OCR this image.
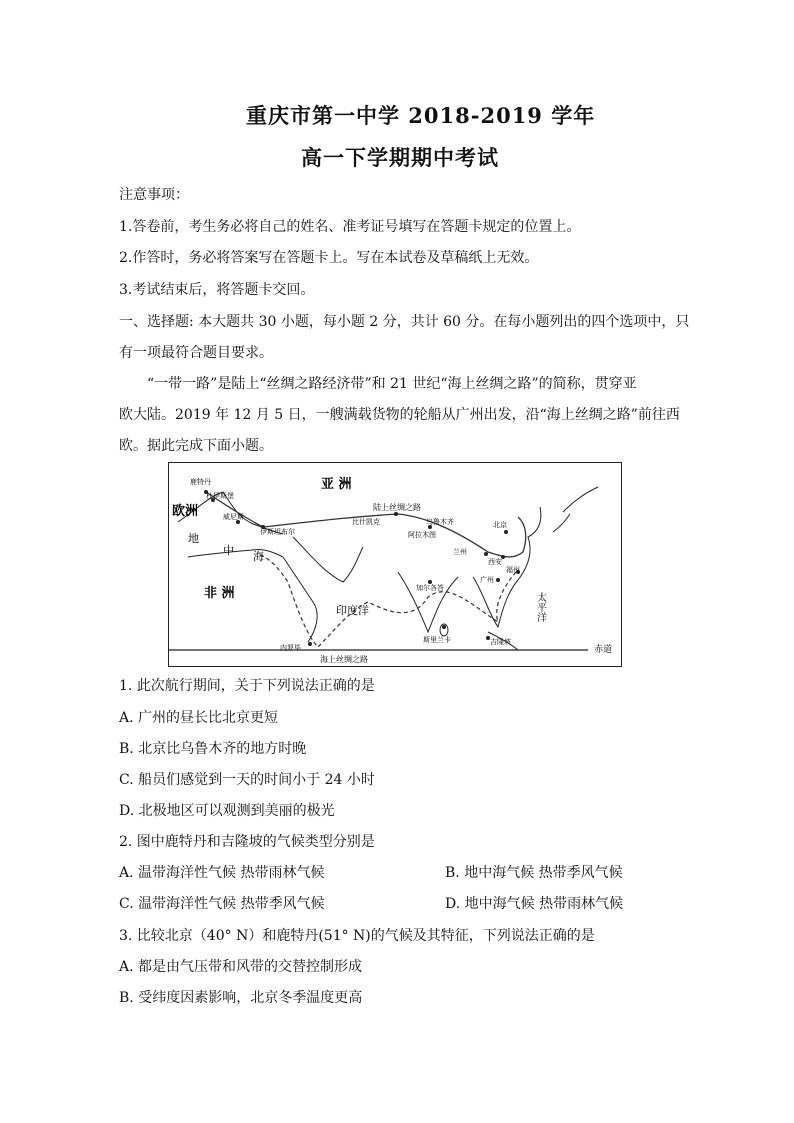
重庆市第一中学 2018-2019 学年
高一下学期期中考试
注意事项：
1.答卷前，考生务必将自己的姓名、准考证号填写在答题卡规定的位置上。
2.作答时，务必将答案写在答题卡上。写在本试卷及草稿纸上无效。
3.考试结束后，将答题卡交回。
一、选择题: 本大题共 30 小题，每小题 2 分，共计 60 分。在每小题列出的四个选项中，只
有一项最符合题目要求。
“一带一路”是陆上“丝绸之路经济带”和 21 世纪“海上丝绸之路”的简称，贯穿亚
欧大陆。2019 年 12 月 5 日，一艘满载货物的轮船从广州出发，沿“海上丝绸之路”前往西
欧。据此完成下面小题。
亚 洲
欧洲
非 洲
地
中 海
印度洋	太平洋
赤道
陆上丝绸之路
海上丝绸之路
鹿特丹
杜伊斯堡
威尼斯
伊斯坦布尔
比什凯克	乌鲁木齐
阿拉木图
北京
兰州
西安
广州
福州
加尔各答
斯里兰卡	吉隆坡
内罗毕
1. 此次航行期间，关于下列说法正确的是
A. 广州的昼长比北京更短
B. 北京比乌鲁木齐的地方时晚
C. 船员们感觉到一天的时间小于 24 小时
D. 北极地区可以观测到美丽的极光
2. 图中鹿特丹和吉隆坡的气候类型分别是
A. 温带海洋性气候 热带雨林气候	B. 地中海气候 热带季风气候
C. 温带海洋性气候 热带季风气候	D. 地中海气候 热带雨林气候
3. 比较北京（40° N）和鹿特丹(51° N)的气候及其特征，下列说法正确的是
A. 都是由气压带和风带的交替控制形成
B. 受纬度因素影响，北京冬季温度更高
